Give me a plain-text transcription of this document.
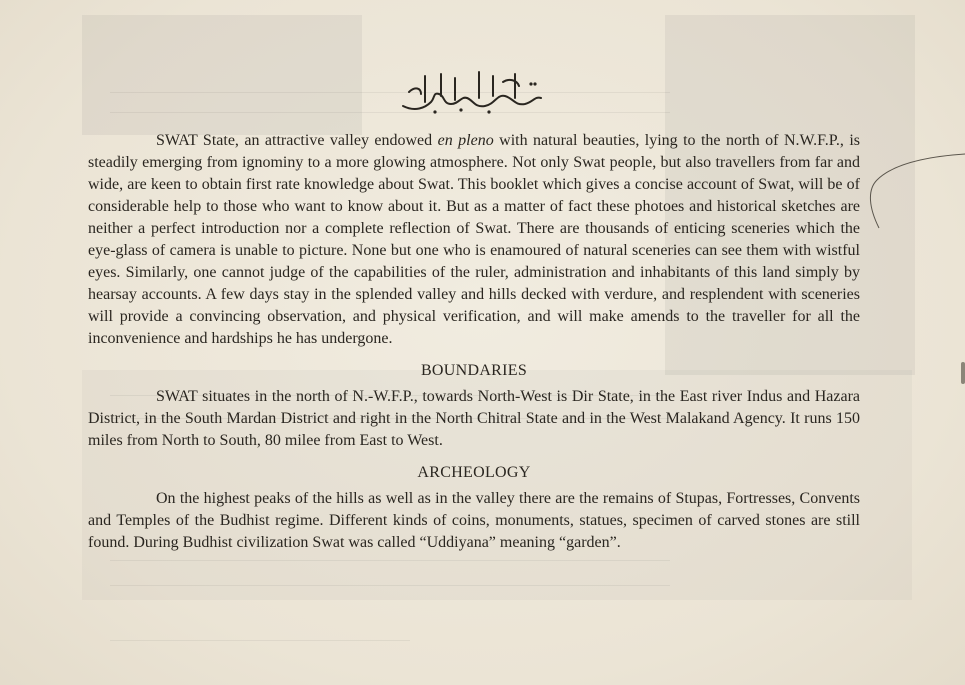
SWAT State, an attractive valley endowed en pleno with natural beauties, lying to the north of N.W.F.P., is steadily emerging from ignominy to a more glowing atmosphere. Not only Swat people, but also travellers from far and wide, are keen to obtain first rate knowledge about Swat. This booklet which gives a concise account of Swat, will be of considerable help to those who want to know about it. But as a matter of fact these photoes and historical sketches are neither a perfect introduction nor a complete reflection of Swat. There are thousands of enticing sceneries which the eye-glass of camera is unable to picture. None but one who is enamoured of natural sceneries can see them with wistful eyes. Similarly, one cannot judge of the capabilities of the ruler, administration and inhabitants of this land simply by hearsay accounts. A few days stay in the splended valley and hills decked with verdure, and resplendent with sceneries will provide a convincing observation, and physical verification, and will make amends to the traveller for all the inconvenience and hardships he has undergone.

BOUNDARIES

SWAT situates in the north of N.-W.F.P., towards North-West is Dir State, in the East river Indus and Hazara District, in the South Mardan District and right in the North Chitral State and in the West Malakand Agency. It runs 150 miles from North to South, 80 milee from East to West.

ARCHEOLOGY

On the highest peaks of the hills as well as in the valley there are the remains of Stupas, Fortresses, Convents and Temples of the Budhist regime. Different kinds of coins, monuments, statues, specimen of carved stones are still found. During Budhist civilization Swat was called “Uddiyana” meaning “garden”.
